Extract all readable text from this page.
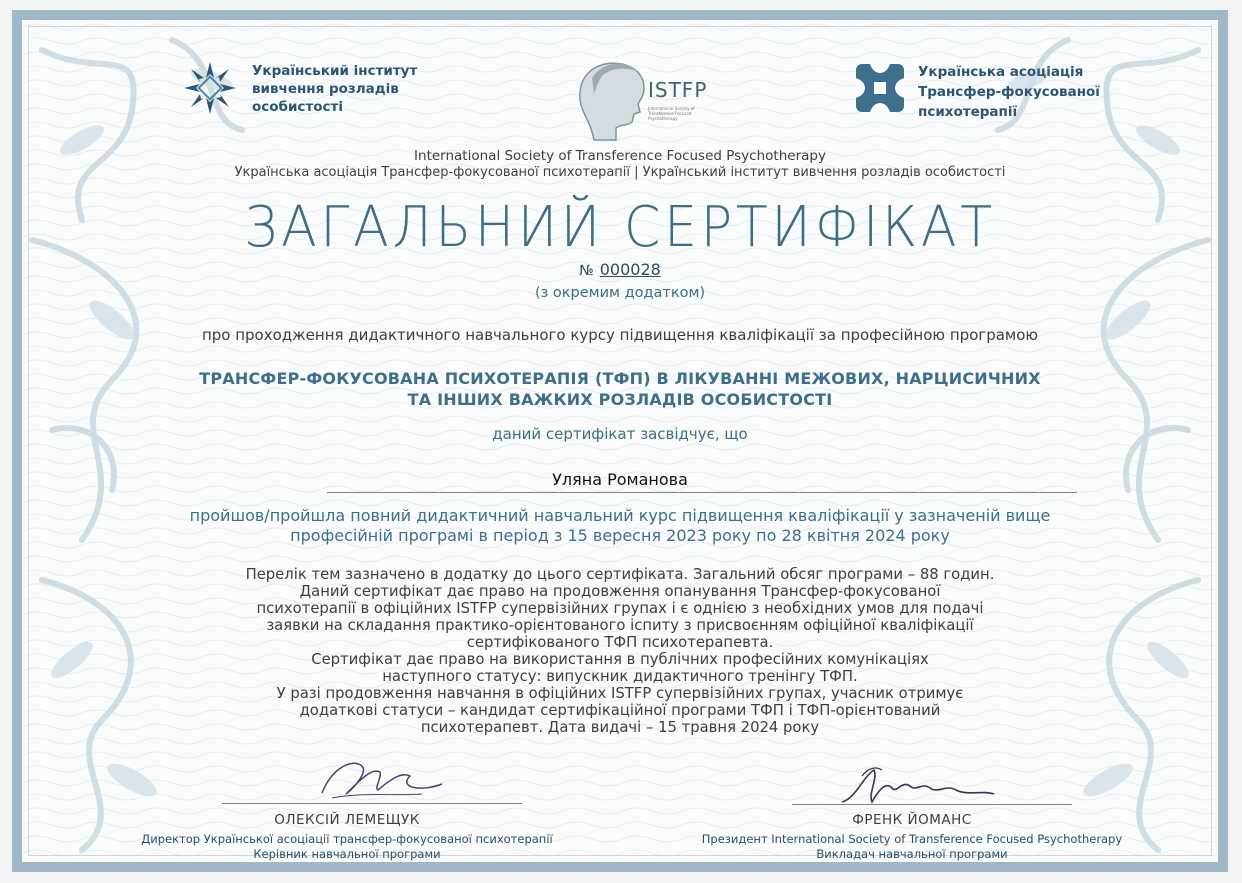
Український інститут
вивчення розладів
особистості
ISTFP
International Society of Transference Focused Psychotherapy
Українська асоціація
Трансфер-фокусованої
психотерапії
International Society of Transference Focused Psychotherapy
Українська асоціація Трансфер-фокусованої психотерапії | Український інститут вивчення розладів особистості
ЗАГАЛЬНИЙ СЕРТИФІКАТ
№ 000028
(з окремим додатком)
про проходження дидактичного навчального курсу підвищення кваліфікації за професійною програмою
ТРАНСФЕР-ФОКУСОВАНА ПСИХОТЕРАПІЯ (ТФП) В ЛІКУВАННІ МЕЖОВИХ, НАРЦИСИЧНИХ
ТА ІНШИХ ВАЖКИХ РОЗЛАДІВ ОСОБИСТОСТІ
даний сертифікат засвідчує, що
Уляна Романова
пройшов/пройшла повний дидактичний навчальний курс підвищення кваліфікації у зазначеній вище
професійній програмі в період з 15 вересня 2023 року по 28 квітня 2024 року
Перелік тем зазначено в додатку до цього сертифіката. Загальний обсяг програми – 88 годин.
Даний сертифікат дає право на продовження опанування Трансфер-фокусованої
психотерапії в офіційних ISTFP супервізійних групах і є однією з необхідних умов для подачі
заявки на складання практико-орієнтованого іспиту з присвоєнням офіційної кваліфікації
сертифікованого ТФП психотерапевта.
Сертифікат дає право на використання в публічних професійних комунікаціях
наступного статусу: випускник дидактичного тренінгу ТФП.
У разі продовження навчання в офіційних ISTFP супервізійних групах, учасник отримує
додаткові статуси – кандидат сертифікаційної програми ТФП і ТФП-орієнтований
психотерапевт. Дата видачі – 15 травня 2024 року
ОЛЕКСІЙ ЛЕМЕЩУК
Директор Української асоціації трансфер-фокусованої психотерапії
Керівник навчальної програми
ФРЕНК ЙОМАНС
Президент International Society of Transference Focused Psychotherapy
Викладач навчальної програми
